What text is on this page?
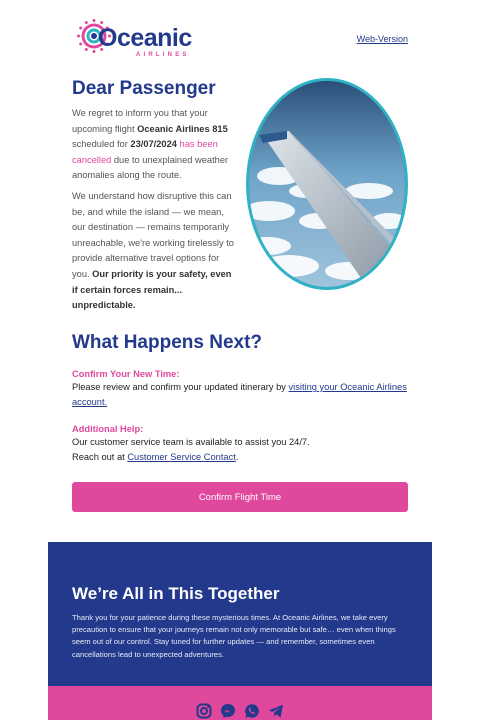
Oceanic
AIRLINES
Web-Version
Dear Passenger

We regret to inform you that your upcoming flight Oceanic Airlines 815 scheduled for 23/07/2024 has been cancelled due to unexplained weather anomalies along the route.

We understand how disruptive this can be, and while the island — we mean, our destination — remains temporarily unreachable, we're working tirelessly to provide alternative travel options for you. Our priority is your safety, even if certain forces remain... unpredictable.

What Happens Next?
Confirm Your New Time:
Please review and confirm your updated itinerary by visiting your Oceanic Airlines account.
Additional Help:
Our customer service team is available to assist you 24/7.
Reach out at Customer Service Contact.
Confirm Flight Time
We’re All in This Together
Thank you for your patience during these mysterious times. At Oceanic Airlines, we take every precaution to ensure that your journeys remain not only memorable but safe… even when things seem out of our control. Stay tuned for further updates — and remember, sometimes even cancellations lead to unexpected adventures.
